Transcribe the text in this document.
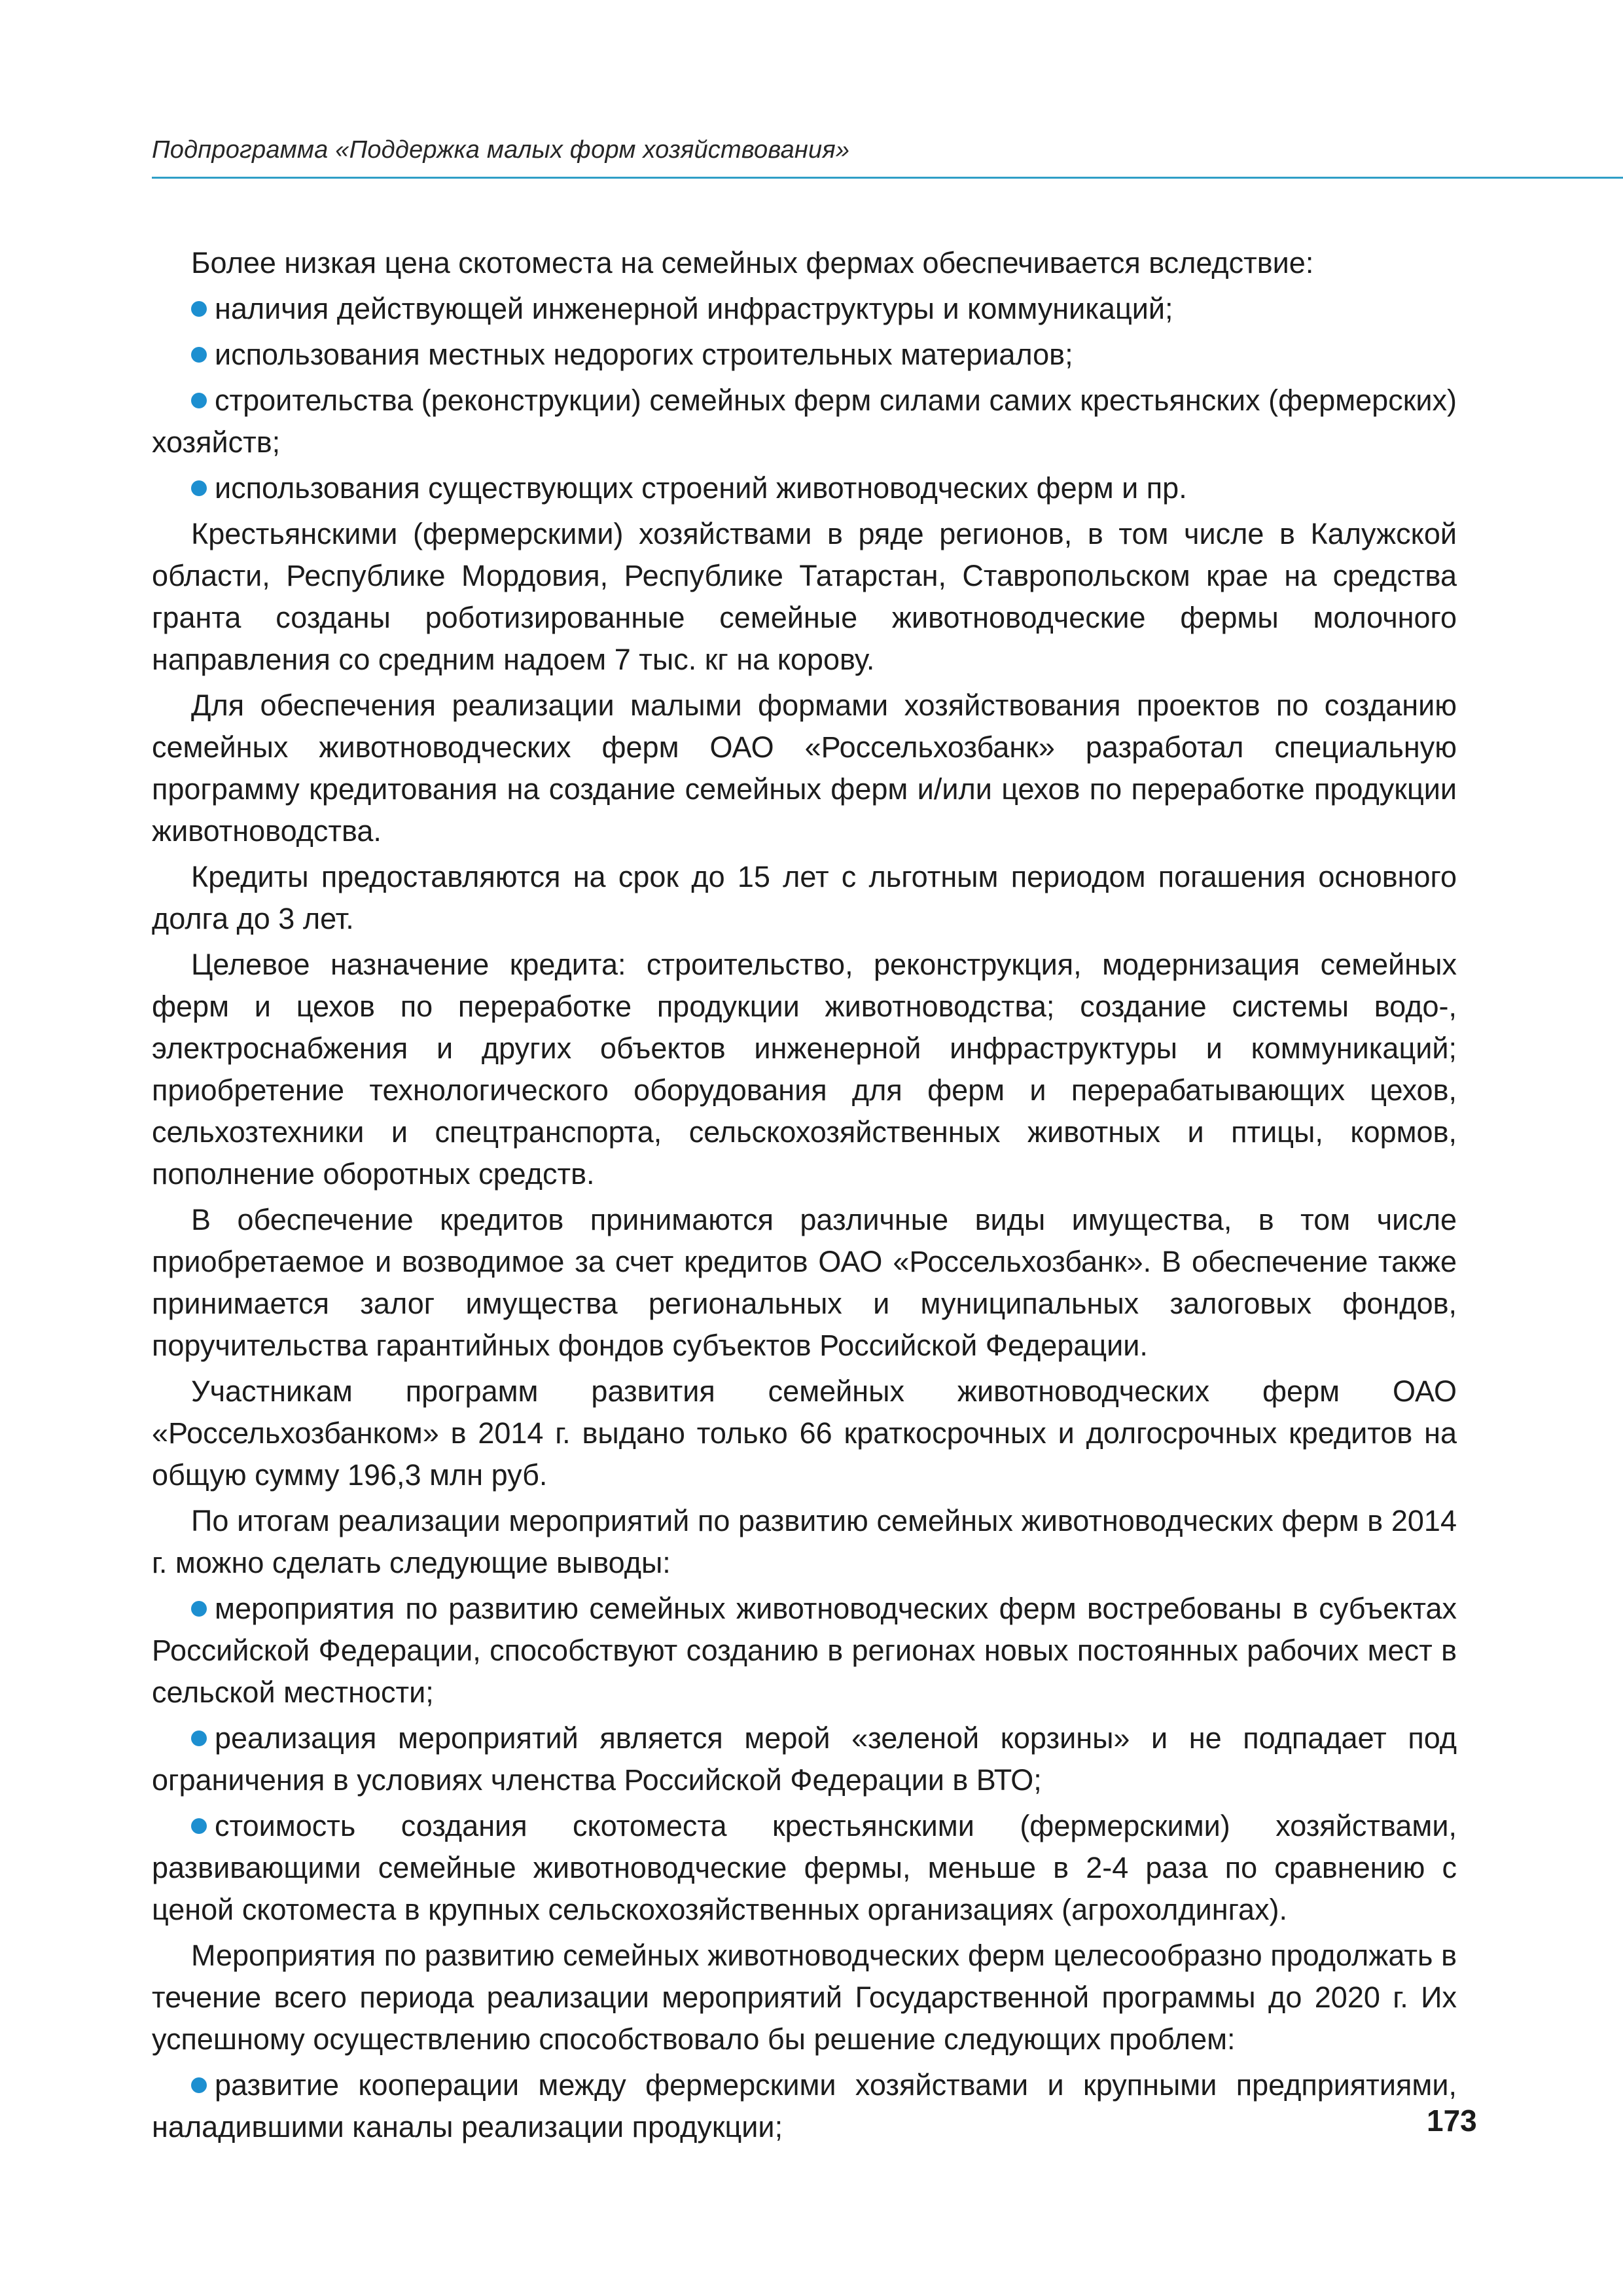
Подпрограмма «Поддержка малых форм хозяйствования»
Более низкая цена скотоместа на семейных фермах обеспечивается вследствие:
наличия действующей инженерной инфраструктуры и коммуникаций;
использования местных недорогих строительных материалов;
строительства (реконструкции) семейных ферм силами самих крестьянских (фермерских) хозяйств;
использования существующих строений животноводческих ферм и пр.
Крестьянскими (фермерскими) хозяйствами в ряде регионов, в том числе в Калужской области, Республике Мордовия, Республике Татарстан, Ставропольском крае на средства гранта созданы роботизированные семейные животноводческие фермы молочного направления со средним надоем 7 тыс. кг на корову.
Для обеспечения реализации малыми формами хозяйствования проектов по созданию семейных животноводческих ферм ОАО «Россельхозбанк» разработал специальную программу кредитования на создание семейных ферм и/или цехов по переработке продукции животноводства.
Кредиты предоставляются на срок до 15 лет с льготным периодом погашения основного долга до 3 лет.
Целевое назначение кредита: строительство, реконструкция, модернизация семейных ферм и цехов по переработке продукции животноводства; создание системы водо-, электроснабжения и других объектов инженерной инфраструктуры и коммуникаций; приобретение технологического оборудования для ферм и перерабатывающих цехов, сельхозтехники и спецтранспорта, сельскохозяйственных животных и птицы, кормов, пополнение оборотных средств.
В обеспечение кредитов принимаются различные виды имущества, в том числе приобретаемое и возводимое за счет кредитов ОАО «Россельхозбанк». В обеспечение также принимается залог имущества региональных и муниципальных залоговых фондов, поручительства гарантийных фондов субъектов Российской Федерации.
Участникам программ развития семейных животноводческих ферм ОАО «Россельхозбанком» в 2014 г. выдано только 66 краткосрочных и долгосрочных кредитов на общую сумму 196,3 млн руб.
По итогам реализации мероприятий по развитию семейных животноводческих ферм в 2014 г. можно сделать следующие выводы:
мероприятия по развитию семейных животноводческих ферм востребованы в субъектах Российской Федерации, способствуют созданию в регионах новых постоянных рабочих мест в сельской местности;
реализация мероприятий является мерой «зеленой корзины» и не подпадает под ограничения в условиях членства Российской Федерации в ВТО;
стоимость создания скотоместа крестьянскими (фермерскими) хозяйствами, развивающими семейные животноводческие фермы, меньше в 2-4 раза по сравнению с ценой скотоместа в крупных сельскохозяйственных организациях (агрохолдингах).
Мероприятия по развитию семейных животноводческих ферм целесообразно продолжать в течение всего периода реализации мероприятий Государственной программы до 2020 г. Их успешному осуществлению способствовало бы решение следующих проблем:
развитие кооперации между фермерскими хозяйствами и крупными предприятиями, наладившими каналы реализации продукции;	173
